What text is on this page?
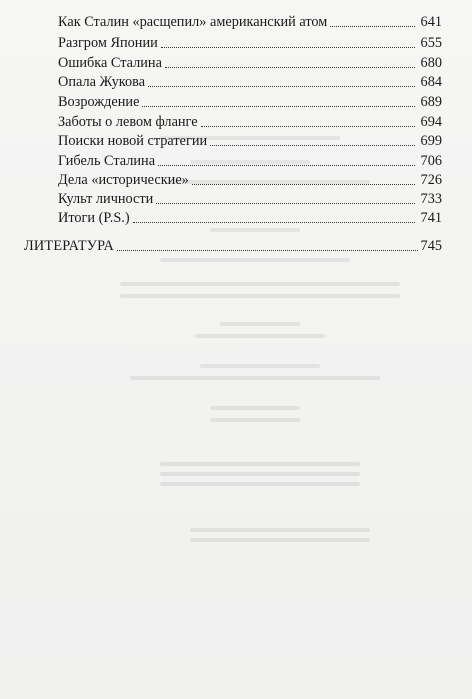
Как Сталин «расщепил» американский атом	641
Разгром Японии	655
Ошибка Сталина	680
Опала Жукова	684
Возрождение	689
Заботы о левом фланге	694
Поиски новой стратегии	699
Гибель Сталина	706
Дела «исторические»	726
Культ личности	733
Итоги (P.S.)	741
ЛИТЕРАТУРА	745
